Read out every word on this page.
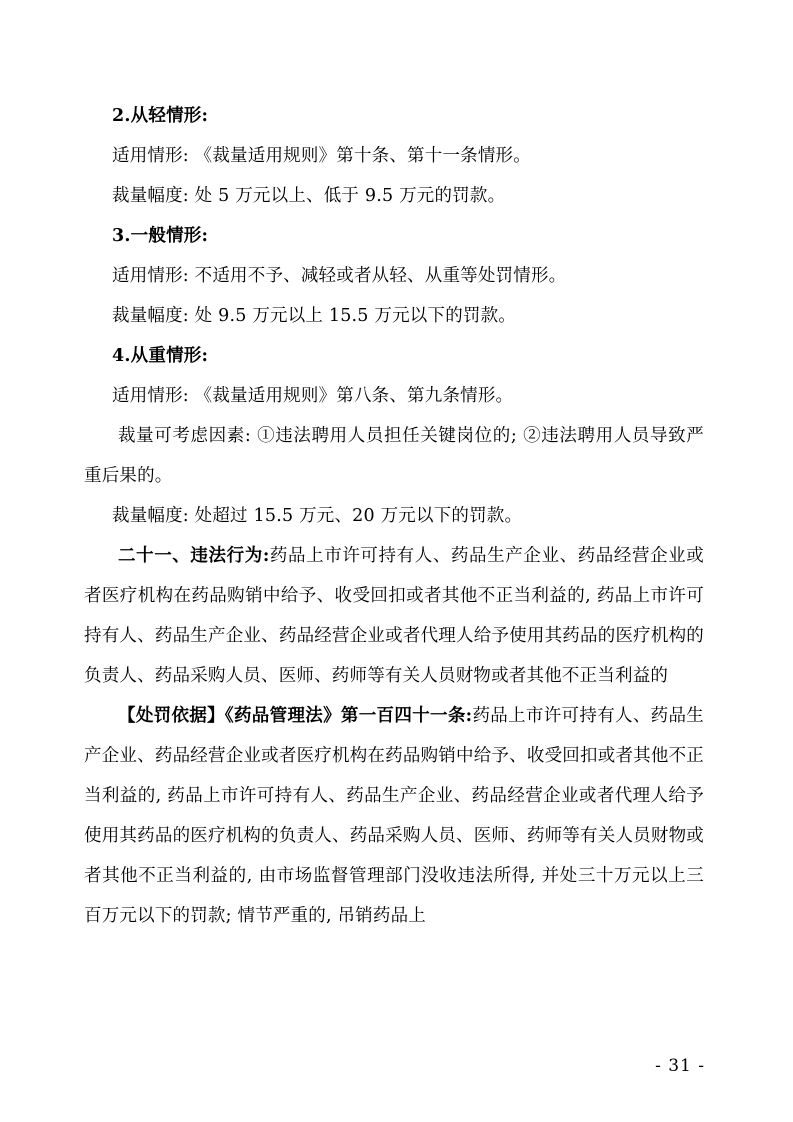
2.从轻情形:

适用情形: 《裁量适用规则》第十条、第十一条情形。

裁量幅度: 处 5 万元以上、低于 9.5 万元的罚款。

3.一般情形:

适用情形: 不适用不予、减轻或者从轻、从重等处罚情形。

裁量幅度: 处 9.5 万元以上 15.5 万元以下的罚款。

4.从重情形:

适用情形: 《裁量适用规则》第八条、第九条情形。

裁量可考虑因素: ①违法聘用人员担任关键岗位的; ②违法聘用人员导致严重后果的。

裁量幅度: 处超过 15.5 万元、20 万元以下的罚款。

二十一、违法行为:药品上市许可持有人、药品生产企业、药品经营企业或者医疗机构在药品购销中给予、收受回扣或者其他不正当利益的, 药品上市许可持有人、药品生产企业、药品经营企业或者代理人给予使用其药品的医疗机构的负责人、药品采购人员、医师、药师等有关人员财物或者其他不正当利益的

【处罚依据】《药品管理法》第一百四十一条:药品上市许可持有人、药品生产企业、药品经营企业或者医疗机构在药品购销中给予、收受回扣或者其他不正当利益的, 药品上市许可持有人、药品生产企业、药品经营企业或者代理人给予使用其药品的医疗机构的负责人、药品采购人员、医师、药师等有关人员财物或者其他不正当利益的, 由市场监督管理部门没收违法所得, 并处三十万元以上三百万元以下的罚款; 情节严重的, 吊销药品上

- 31 -
